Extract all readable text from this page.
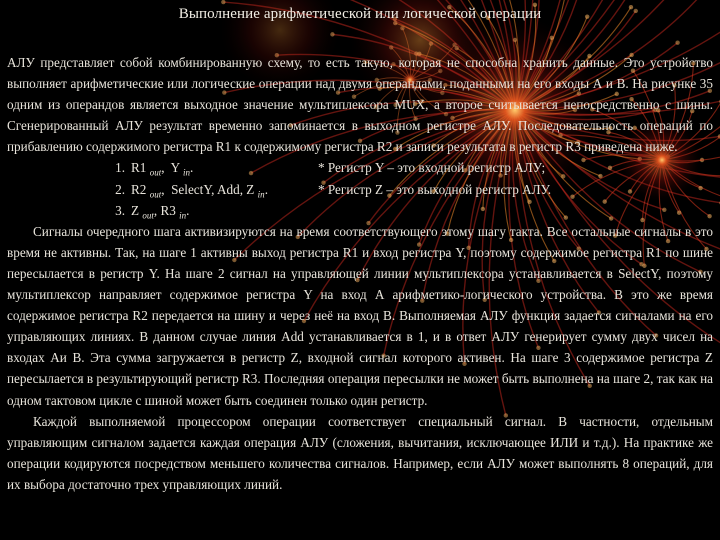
Выполнение арифметической или логической операции

АЛУ представляет собой комбинированную схему, то есть такую, которая не способна хранить данные. Это устройство выполняет арифметические или логические операции над двумя операндами, поданными на его входы А и В. На рисунке 35 одним из операндов является выходное значение мультиплексора MUX, а второе считывается непосредственно с шины. Сгенерированный АЛУ результат временно запоминается в выходном регистре АЛУ. Последовательность операций по прибавлению содержимого регистра R1 к содержимому регистра R2 и записи результата в регистр R3 приведена ниже.

1. R1 $_{out}$,  Y $_{in}$.	* Регистр Y – это входной регистр АЛУ;
2. R2 $_{out}$,  SelectY, Add, Z $_{in}$.	* Регистр Z – это выходной регистр АЛУ.
3. Z $_{out}$, R3 $_{in}$.

Сигналы очередного шага активизируются на время соответствующего этому шагу такта. Все остальные сигналы в это время не активны. Так, на шаге 1 активны выход регистра R1 и вход регистра Y, поэтому содержимое регистра R1 по шине пересылается в регистр Y. На шаге 2 сигнал на управляющей линии мультиплексора устанавливается в SelectY, поэтому мультиплексор направляет содержимое регистра Y на вход А арифметико-логического устройства. В это же время содержимое регистра R2 передается на шину и через неё на вход В. Выполняемая АЛУ функция задается сигналами на его управляющих линиях. В данном случае линия Add устанавливается в 1, и в ответ АЛУ генерирует сумму двух чисел на входах Аи В. Эта сумма загружается в регистр Z, входной сигнал которого активен. На шаге 3 содержимое регистра Z пересылается в результирующий регистр R3. Последняя операция пересылки не может быть выполнена на шаге 2, так как на одном тактовом цикле с шиной может быть соединен только один регистр.

Каждой выполняемой процессором операции соответствует специальный сигнал. В частности, отдельным управляющим сигналом задается каждая операция АЛУ (сложения, вычитания, исключающее ИЛИ и т.д.). На практике же операции кодируются посредством меньшего количества сигналов. Например, если АЛУ может выполнять 8 операций, для их выбора достаточно трех управляющих линий.
